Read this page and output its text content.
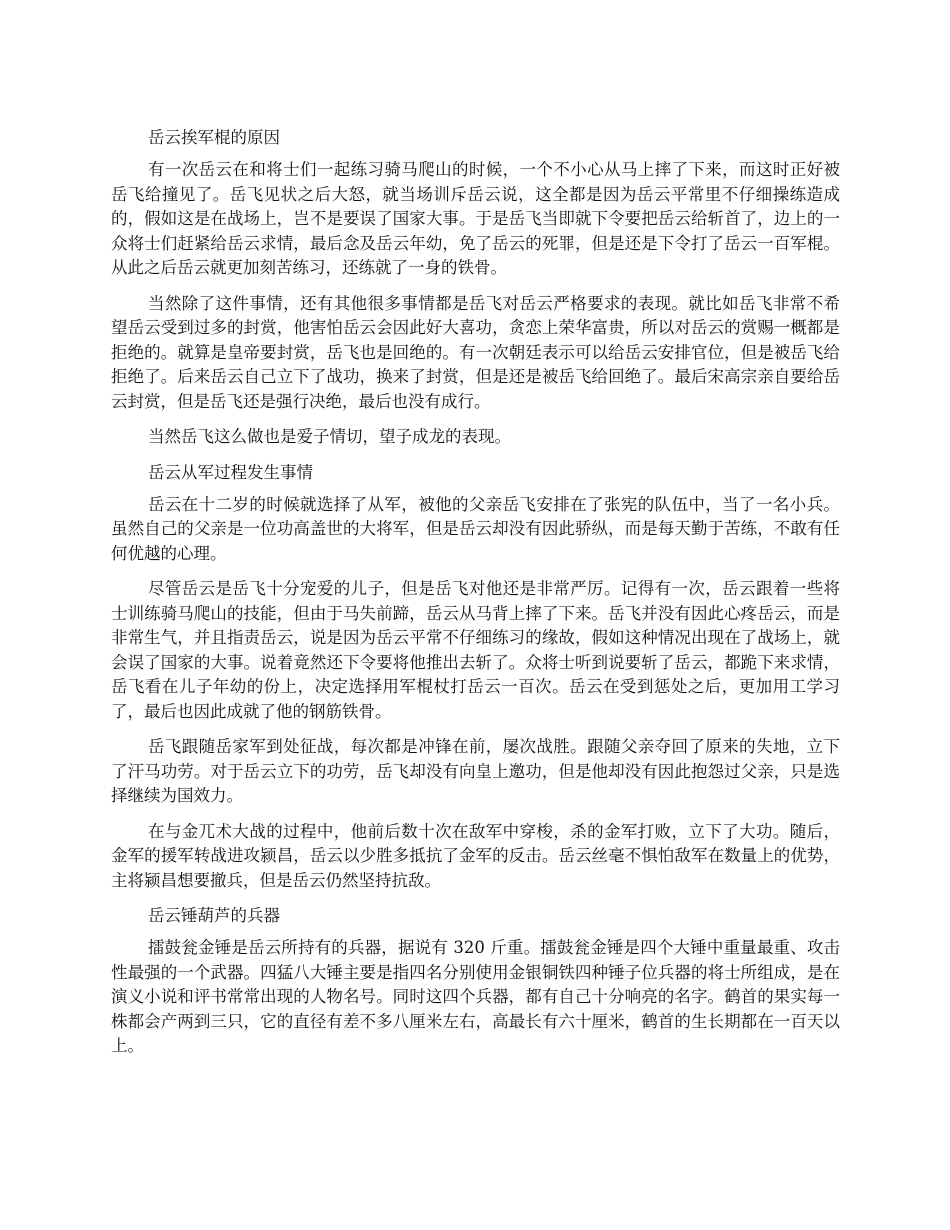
岳云挨军棍的原因

有一次岳云在和将士们一起练习骑马爬山的时候，一个不小心从马上摔了下来，而这时正好被岳飞给撞见了。岳飞见状之后大怒，就当场训斥岳云说，这全都是因为岳云平常里不仔细操练造成的，假如这是在战场上，岂不是要误了国家大事。于是岳飞当即就下令要把岳云给斩首了，边上的一众将士们赶紧给岳云求情，最后念及岳云年幼，免了岳云的死罪，但是还是下令打了岳云一百军棍。从此之后岳云就更加刻苦练习，还练就了一身的铁骨。

当然除了这件事情，还有其他很多事情都是岳飞对岳云严格要求的表现。就比如岳飞非常不希望岳云受到过多的封赏，他害怕岳云会因此好大喜功，贪恋上荣华富贵，所以对岳云的赏赐一概都是拒绝的。就算是皇帝要封赏，岳飞也是回绝的。有一次朝廷表示可以给岳云安排官位，但是被岳飞给拒绝了。后来岳云自己立下了战功，换来了封赏，但是还是被岳飞给回绝了。最后宋高宗亲自要给岳云封赏，但是岳飞还是强行决绝，最后也没有成行。

当然岳飞这么做也是爱子情切，望子成龙的表现。

岳云从军过程发生事情

岳云在十二岁的时候就选择了从军，被他的父亲岳飞安排在了张宪的队伍中，当了一名小兵。虽然自己的父亲是一位功高盖世的大将军，但是岳云却没有因此骄纵，而是每天勤于苦练，不敢有任何优越的心理。

尽管岳云是岳飞十分宠爱的儿子，但是岳飞对他还是非常严厉。记得有一次，岳云跟着一些将士训练骑马爬山的技能，但由于马失前蹄，岳云从马背上摔了下来。岳飞并没有因此心疼岳云，而是非常生气，并且指责岳云，说是因为岳云平常不仔细练习的缘故，假如这种情况出现在了战场上，就会误了国家的大事。说着竟然还下令要将他推出去斩了。众将士听到说要斩了岳云，都跪下来求情，岳飞看在儿子年幼的份上，决定选择用军棍杖打岳云一百次。岳云在受到惩处之后，更加用工学习了，最后也因此成就了他的钢筋铁骨。

岳飞跟随岳家军到处征战，每次都是冲锋在前，屡次战胜。跟随父亲夺回了原来的失地，立下了汗马功劳。对于岳云立下的功劳，岳飞却没有向皇上邀功，但是他却没有因此抱怨过父亲，只是选择继续为国效力。

在与金兀术大战的过程中，他前后数十次在敌军中穿梭，杀的金军打败，立下了大功。随后，金军的援军转战进攻颍昌，岳云以少胜多抵抗了金军的反击。岳云丝毫不惧怕敌军在数量上的优势，主将颍昌想要撤兵，但是岳云仍然坚持抗敌。

岳云锤葫芦的兵器

擂鼓瓮金锤是岳云所持有的兵器，据说有 320 斤重。擂鼓瓮金锤是四个大锤中重量最重、攻击性最强的一个武器。四猛八大锤主要是指四名分别使用金银铜铁四种锤子位兵器的将士所组成，是在演义小说和评书常常出现的人物名号。同时这四个兵器，都有自己十分响亮的名字。鹤首的果实每一株都会产两到三只，它的直径有差不多八厘米左右，高最长有六十厘米，鹤首的生长期都在一百天以上。
